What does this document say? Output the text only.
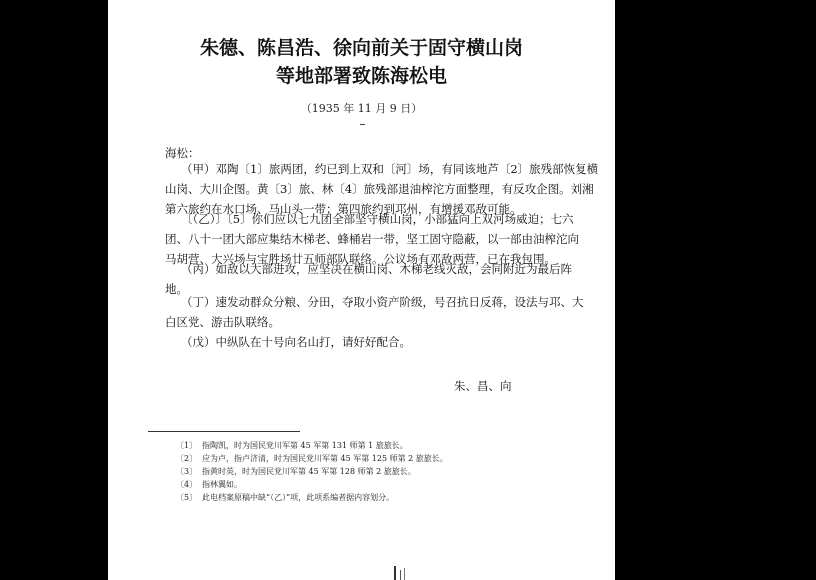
朱德、陈昌浩、徐向前关于固守横山岗
等地部署致陈海松电
（1935 年 11 月 9 日）
海松：
（甲）邓陶〔1〕旅两团，约已到上双和〔河〕场，有同该地芦〔2〕旅残部恢复横
山岗、大川企图。黄〔3〕旅、林〔4〕旅残部退油榨沱方面整理，有反攻企图。刘湘
第六旅约在水口场、马山头一带；第四旅约到邛州，有增援邓敌可能。
〔（乙）〕〔5〕你们应以七九团全部坚守横山岗，小部猛向上双河场威迫；七六
团、八十一团大部应集结木梯老、蜂桶岩一带，坚工固守隐蔽，以一部由油榨沱向
马胡营、大兴场与宝胜场廿五师部队联络。公议场有邓敌两营，已在我包围。
（丙）如敌以大部进攻，应坚决在横山岗、木梯老线灭敌，会同附近为最后阵
地。
（丁）速发动群众分粮、分田，夺取小资产阶级，号召抗日反蒋，设法与邛、大
白区党、游击队联络。
（戊）中纵队在十号向名山打，请好好配合。
朱、昌、向
〔1〕 指陶凯，时为国民党川军第 45 军第 131 师第 1 旅旅长。
〔2〕 应为卢，指卢济清，时为国民党川军第 45 军第 125 师第 2 旅旅长。
〔3〕 指黄时英，时为国民党川军第 45 军第 128 师第 2 旅旅长。
〔4〕 指林翼如。
〔5〕 此电档案原稿中缺“（乙）”项，此项系编者据内容划分。
